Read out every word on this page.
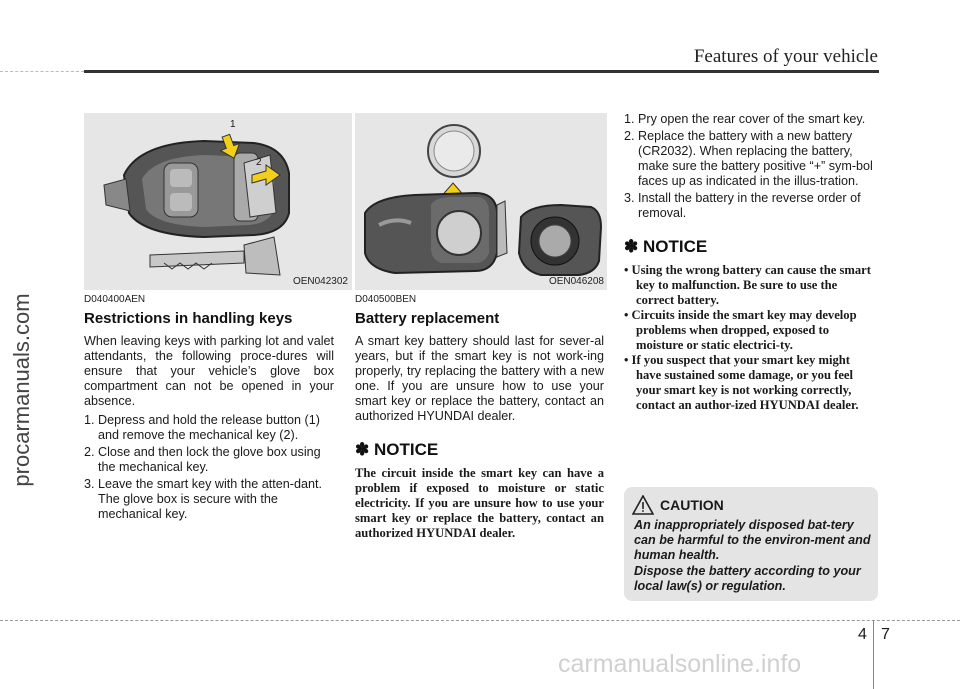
procarmanuals.com
Features of your vehicle
1
2
OEN042302	OEN046208
D040400AEN
Restrictions in handling keys
When leaving keys with parking lot and valet attendants, the following proce-dures will ensure that your vehicle’s glove box compartment can not be opened in your absence.
1. Depress and hold the release button (1) and remove the mechanical key (2).
2. Close and then lock the glove box using the mechanical key.
3. Leave the smart key with the atten-dant. The glove box is secure with the mechanical key.
D040500BEN
Battery replacement
A smart key battery should last for sever-al years, but if the smart key is not work-ing properly, try replacing the battery with a new one. If you are unsure how to use your smart key or replace the battery, contact an authorized HYUNDAI dealer.
✽ NOTICE
The circuit inside the smart key can have a problem if exposed to moisture or static electricity. If you are unsure how to use your smart key or replace the battery, contact an authorized HYUNDAI dealer.
1. Pry open the rear cover of the smart key.
2. Replace the battery with a new battery (CR2032). When replacing the battery, make sure the battery positive “+” sym-bol faces up as indicated in the illus-tration.
3. Install the battery in the reverse order of removal.
✽ NOTICE
• Using the wrong battery can cause the smart key to malfunction. Be sure to use the correct battery.
• Circuits inside the smart key may develop problems when dropped, exposed to moisture or static electrici-ty.
• If you suspect that your smart key might have sustained some damage, or you feel your smart key is not working correctly, contact an author-ized HYUNDAI dealer.
CAUTION
An inappropriately disposed bat-tery can be harmful to the environ-ment and human health.
Dispose the battery according to your local law(s) or regulation.
4 7
carmanualsonline.info
